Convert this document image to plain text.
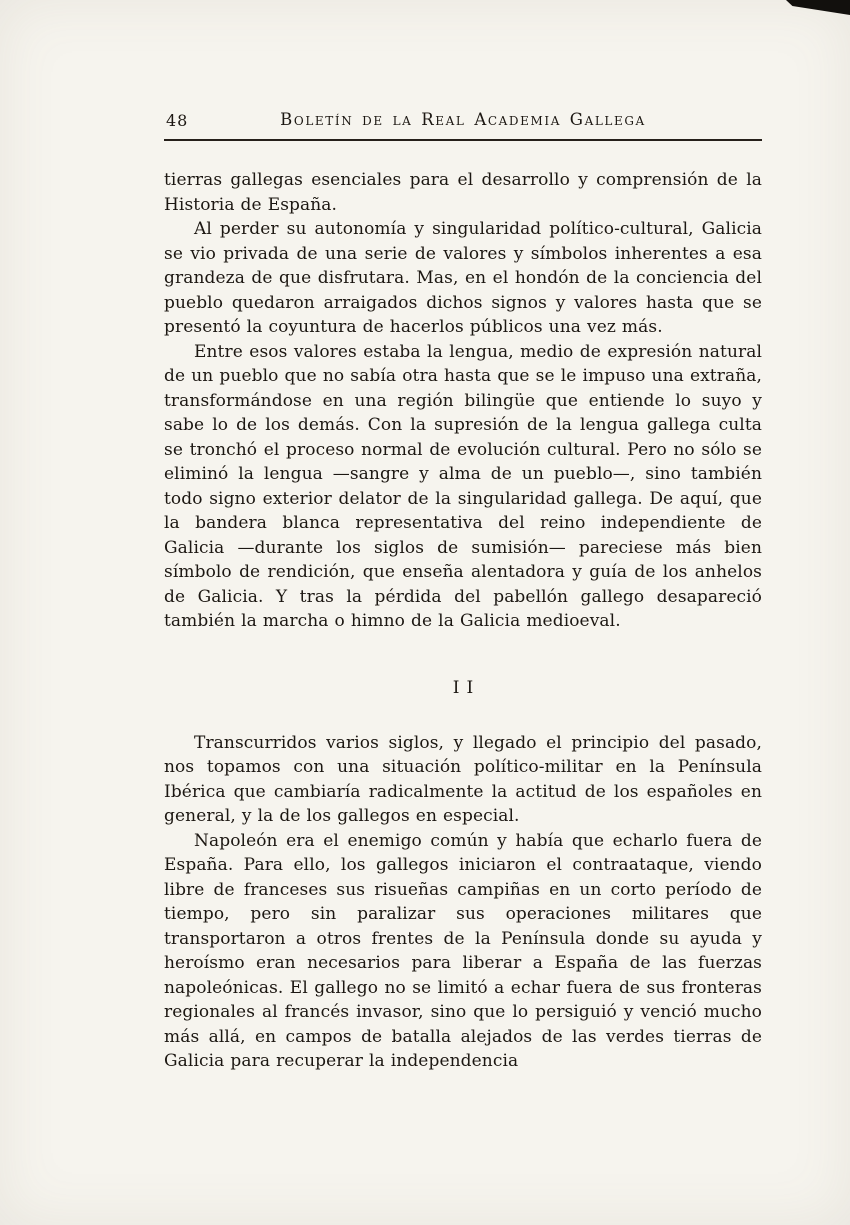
48	Boletín de la Real Academia Gallega

tierras gallegas esenciales para el desarrollo y comprensión de la Historia de España.

Al perder su autonomía y singularidad político-cultural, Galicia se vio privada de una serie de valores y símbolos inherentes a esa grandeza de que disfrutara. Mas, en el hondón de la conciencia del pueblo quedaron arraigados dichos signos y valores hasta que se presentó la coyuntura de hacerlos públicos una vez más.

Entre esos valores estaba la lengua, medio de expresión natural de un pueblo que no sabía otra hasta que se le impuso una extraña, transformándose en una región bilingüe que entiende lo suyo y sabe lo de los demás. Con la supresión de la lengua gallega culta se tronchó el proceso normal de evolución cultural. Pero no sólo se eliminó la lengua —sangre y alma de un pueblo—, sino también todo signo exterior delator de la singularidad gallega. De aquí, que la bandera blanca representativa del reino independiente de Galicia —durante los siglos de sumisión— pareciese más bien símbolo de rendición, que enseña alentadora y guía de los anhelos de Galicia. Y tras la pérdida del pabellón gallego desapareció también la marcha o himno de la Galicia medioeval.

II

Transcurridos varios siglos, y llegado el principio del pasado, nos topamos con una situación político-militar en la Península Ibérica que cambiaría radicalmente la actitud de los españoles en general, y la de los gallegos en especial.

Napoleón era el enemigo común y había que echarlo fuera de España. Para ello, los gallegos iniciaron el contraataque, viendo libre de franceses sus risueñas campiñas en un corto período de tiempo, pero sin paralizar sus operaciones militares que transportaron a otros frentes de la Península donde su ayuda y heroísmo eran necesarios para liberar a España de las fuerzas napoleónicas. El gallego no se limitó a echar fuera de sus fronteras regionales al francés invasor, sino que lo persiguió y venció mucho más allá, en campos de batalla alejados de las verdes tierras de Galicia para recuperar la independencia
